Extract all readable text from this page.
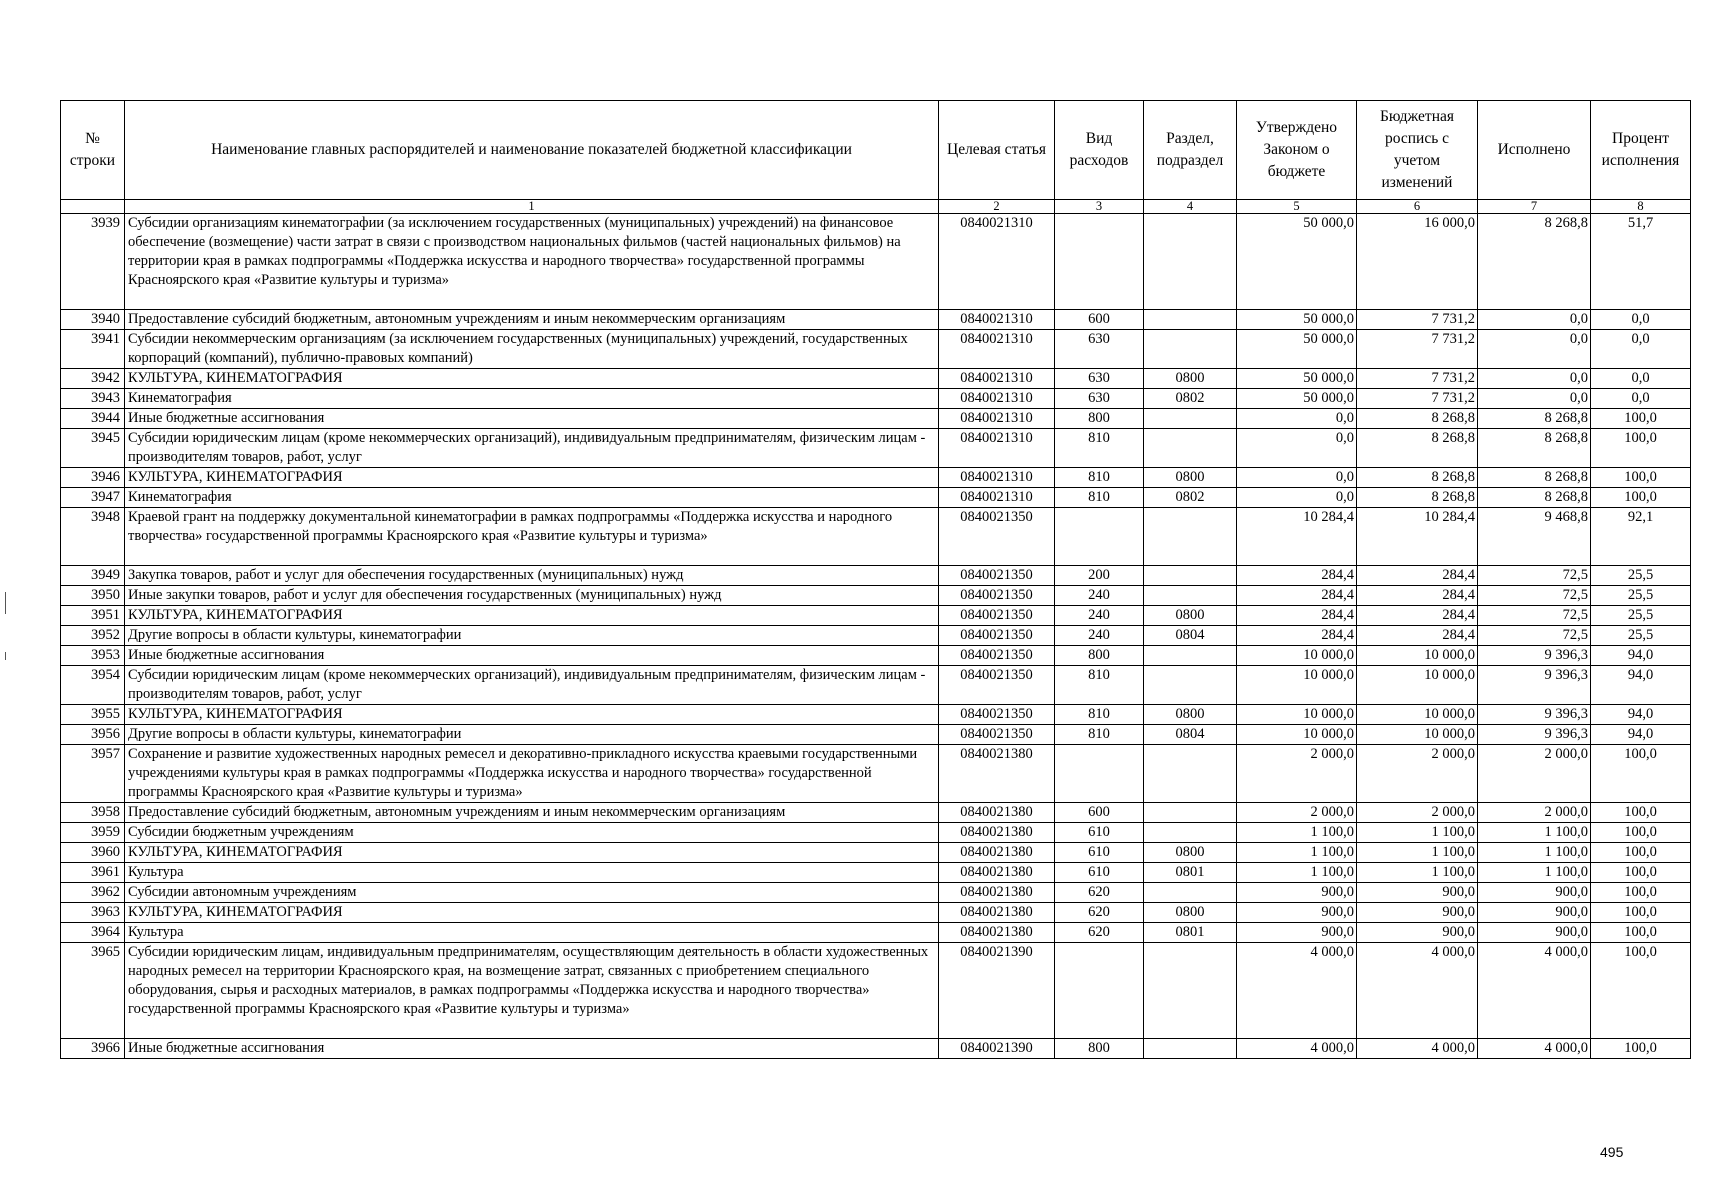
№ строки	Наименование главных распорядителей и наименование показателей бюджетной классификации	Целевая статья	Вид расходов	Раздел, подраздел	Утверждено Законом о бюджете	Бюджетная роспись с учетом изменений	Исполнено	Процент исполнения
	1	2	3	4	5	6	7	8
3939	Субсидии организациям кинематографии (за исключением государственных (муниципальных) учреждений) на финансовое обеспечение (возмещение) части затрат в связи с производством национальных фильмов (частей национальных фильмов) на территории края в рамках подпрограммы «Поддержка искусства и народного творчества» государственной программы Красноярского края «Развитие культуры и туризма»	0840021310			50 000,0	16 000,0	8 268,8	51,7
3940	Предоставление субсидий бюджетным, автономным учреждениям и иным некоммерческим организациям	0840021310	600		50 000,0	7 731,2	0,0	0,0
3941	Субсидии некоммерческим организациям (за исключением государственных (муниципальных) учреждений, государственных корпораций (компаний), публично-правовых компаний)	0840021310	630		50 000,0	7 731,2	0,0	0,0
3942	КУЛЬТУРА, КИНЕМАТОГРАФИЯ	0840021310	630	0800	50 000,0	7 731,2	0,0	0,0
3943	Кинематография	0840021310	630	0802	50 000,0	7 731,2	0,0	0,0
3944	Иные бюджетные ассигнования	0840021310	800		0,0	8 268,8	8 268,8	100,0
3945	Субсидии юридическим лицам (кроме некоммерческих организаций), индивидуальным предпринимателям, физическим лицам - производителям товаров, работ, услуг	0840021310	810		0,0	8 268,8	8 268,8	100,0
3946	КУЛЬТУРА, КИНЕМАТОГРАФИЯ	0840021310	810	0800	0,0	8 268,8	8 268,8	100,0
3947	Кинематография	0840021310	810	0802	0,0	8 268,8	8 268,8	100,0
3948	Краевой грант на поддержку документальной кинематографии в рамках подпрограммы «Поддержка искусства и народного творчества» государственной программы Красноярского края «Развитие культуры и туризма»	0840021350			10 284,4	10 284,4	9 468,8	92,1
3949	Закупка товаров, работ и услуг для обеспечения государственных (муниципальных) нужд	0840021350	200		284,4	284,4	72,5	25,5
3950	Иные закупки товаров, работ и услуг для обеспечения государственных (муниципальных) нужд	0840021350	240		284,4	284,4	72,5	25,5
3951	КУЛЬТУРА, КИНЕМАТОГРАФИЯ	0840021350	240	0800	284,4	284,4	72,5	25,5
3952	Другие вопросы в области культуры, кинематографии	0840021350	240	0804	284,4	284,4	72,5	25,5
3953	Иные бюджетные ассигнования	0840021350	800		10 000,0	10 000,0	9 396,3	94,0
3954	Субсидии юридическим лицам (кроме некоммерческих организаций), индивидуальным предпринимателям, физическим лицам - производителям товаров, работ, услуг	0840021350	810		10 000,0	10 000,0	9 396,3	94,0
3955	КУЛЬТУРА, КИНЕМАТОГРАФИЯ	0840021350	810	0800	10 000,0	10 000,0	9 396,3	94,0
3956	Другие вопросы в области культуры, кинематографии	0840021350	810	0804	10 000,0	10 000,0	9 396,3	94,0
3957	Сохранение и развитие художественных народных ремесел и декоративно-прикладного искусства краевыми государственными учреждениями культуры края в рамках подпрограммы «Поддержка искусства и народного творчества» государственной программы Красноярского края «Развитие культуры и туризма»	0840021380			2 000,0	2 000,0	2 000,0	100,0
3958	Предоставление субсидий бюджетным, автономным учреждениям и иным некоммерческим организациям	0840021380	600		2 000,0	2 000,0	2 000,0	100,0
3959	Субсидии бюджетным учреждениям	0840021380	610		1 100,0	1 100,0	1 100,0	100,0
3960	КУЛЬТУРА, КИНЕМАТОГРАФИЯ	0840021380	610	0800	1 100,0	1 100,0	1 100,0	100,0
3961	Культура	0840021380	610	0801	1 100,0	1 100,0	1 100,0	100,0
3962	Субсидии автономным учреждениям	0840021380	620		900,0	900,0	900,0	100,0
3963	КУЛЬТУРА, КИНЕМАТОГРАФИЯ	0840021380	620	0800	900,0	900,0	900,0	100,0
3964	Культура	0840021380	620	0801	900,0	900,0	900,0	100,0
3965	Субсидии юридическим лицам, индивидуальным предпринимателям, осуществляющим деятельность в области художественных народных ремесел на территории Красноярского края, на возмещение затрат, связанных с приобретением специального оборудования, сырья и расходных материалов, в рамках подпрограммы «Поддержка искусства и народного творчества» государственной программы Красноярского края «Развитие культуры и туризма»	0840021390			4 000,0	4 000,0	4 000,0	100,0
3966	Иные бюджетные ассигнования	0840021390	800		4 000,0	4 000,0	4 000,0	100,0
495
